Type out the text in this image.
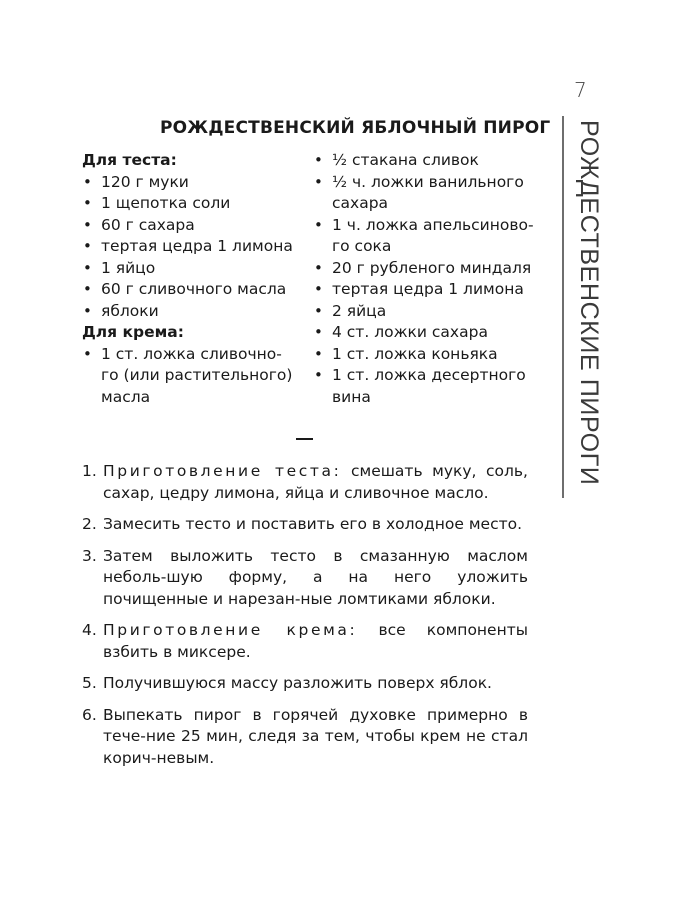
7
РОЖДЕСТВЕНСКИЕ ПИРОГИ
РОЖДЕСТВЕНСКИЙ ЯБЛОЧНЫЙ ПИРОГ
Для теста:
• 120 г муки
• 1 щепотка соли
• 60 г сахара
• тертая цедра 1 лимона
• 1 яйцо
• 60 г сливочного масла
• яблоки
Для крема:
• 1 ст. ложка сливочно-
го (или растительного)
масла
• ½ стакана сливок
• ½ ч. ложки ванильного
сахара
• 1 ч. ложка апельсиново-
го сока
• 20 г рубленого миндаля
• тертая цедра 1 лимона
• 2 яйца
• 4 ст. ложки сахара
• 1 ст. ложка коньяка
• 1 ст. ложка десертного
вина
1. Приготовление теста: смешать муку, соль, сахар, цедру лимона, яйца и сливочное масло.
2. Замесить тесто и поставить его в холодное место.
3. Затем выложить тесто в смазанную маслом неболь-шую форму, а на него уложить почищенные и нарезан-ные ломтиками яблоки.
4. Приготовление крема: все компоненты взбить в миксере.
5. Получившуюся массу разложить поверх яблок.
6. Выпекать пирог в горячей духовке примерно в тече-ние 25 мин, следя за тем, чтобы крем не стал корич-невым.
